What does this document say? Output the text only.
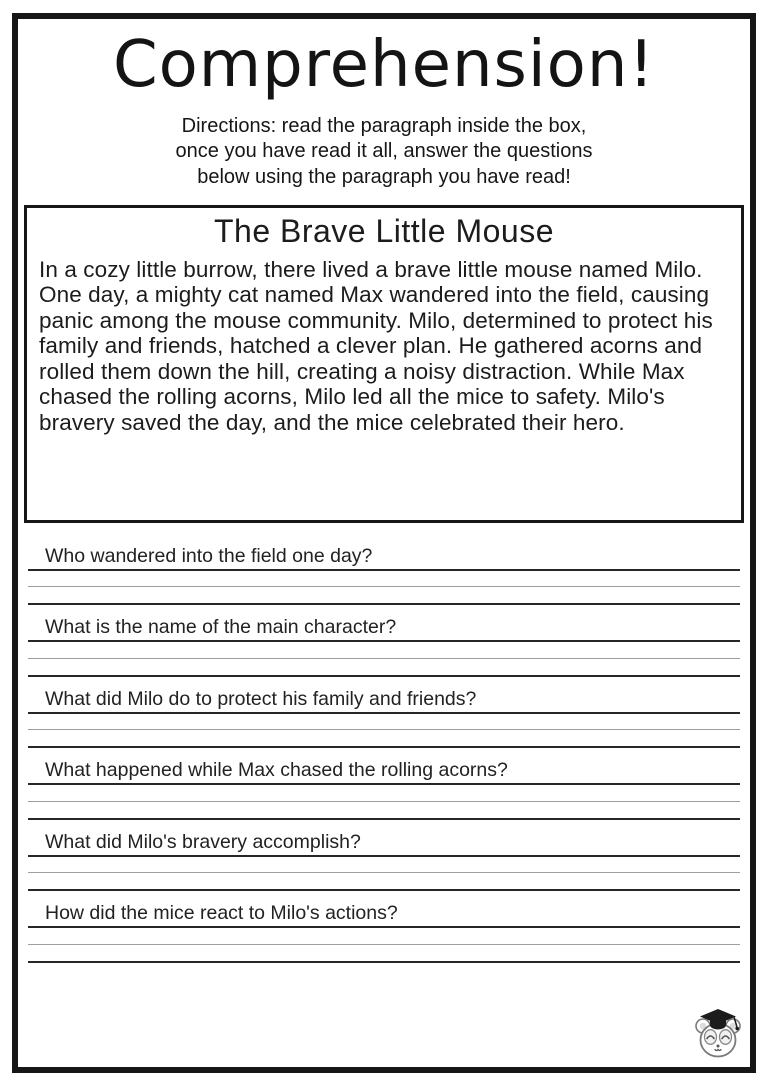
Comprehension!
Directions: read the paragraph inside the box,
once you have read it all, answer the questions
below using the paragraph you have read!
The Brave Little Mouse

In a cozy little burrow, there lived a brave little mouse named Milo. One day, a mighty cat named Max wandered into the field, causing panic among the mouse community. Milo, determined to protect his family and friends, hatched a clever plan. He gathered acorns and rolled them down the hill, creating a noisy distraction. While Max chased the rolling acorns, Milo led all the mice to safety. Milo's bravery saved the day, and the mice celebrated their hero.

Who wandered into the field one day?
What is the name of the main character?
What did Milo do to protect his family and friends?
What happened while Max chased the rolling acorns?
What did Milo's bravery accomplish?
How did the mice react to Milo's actions?
